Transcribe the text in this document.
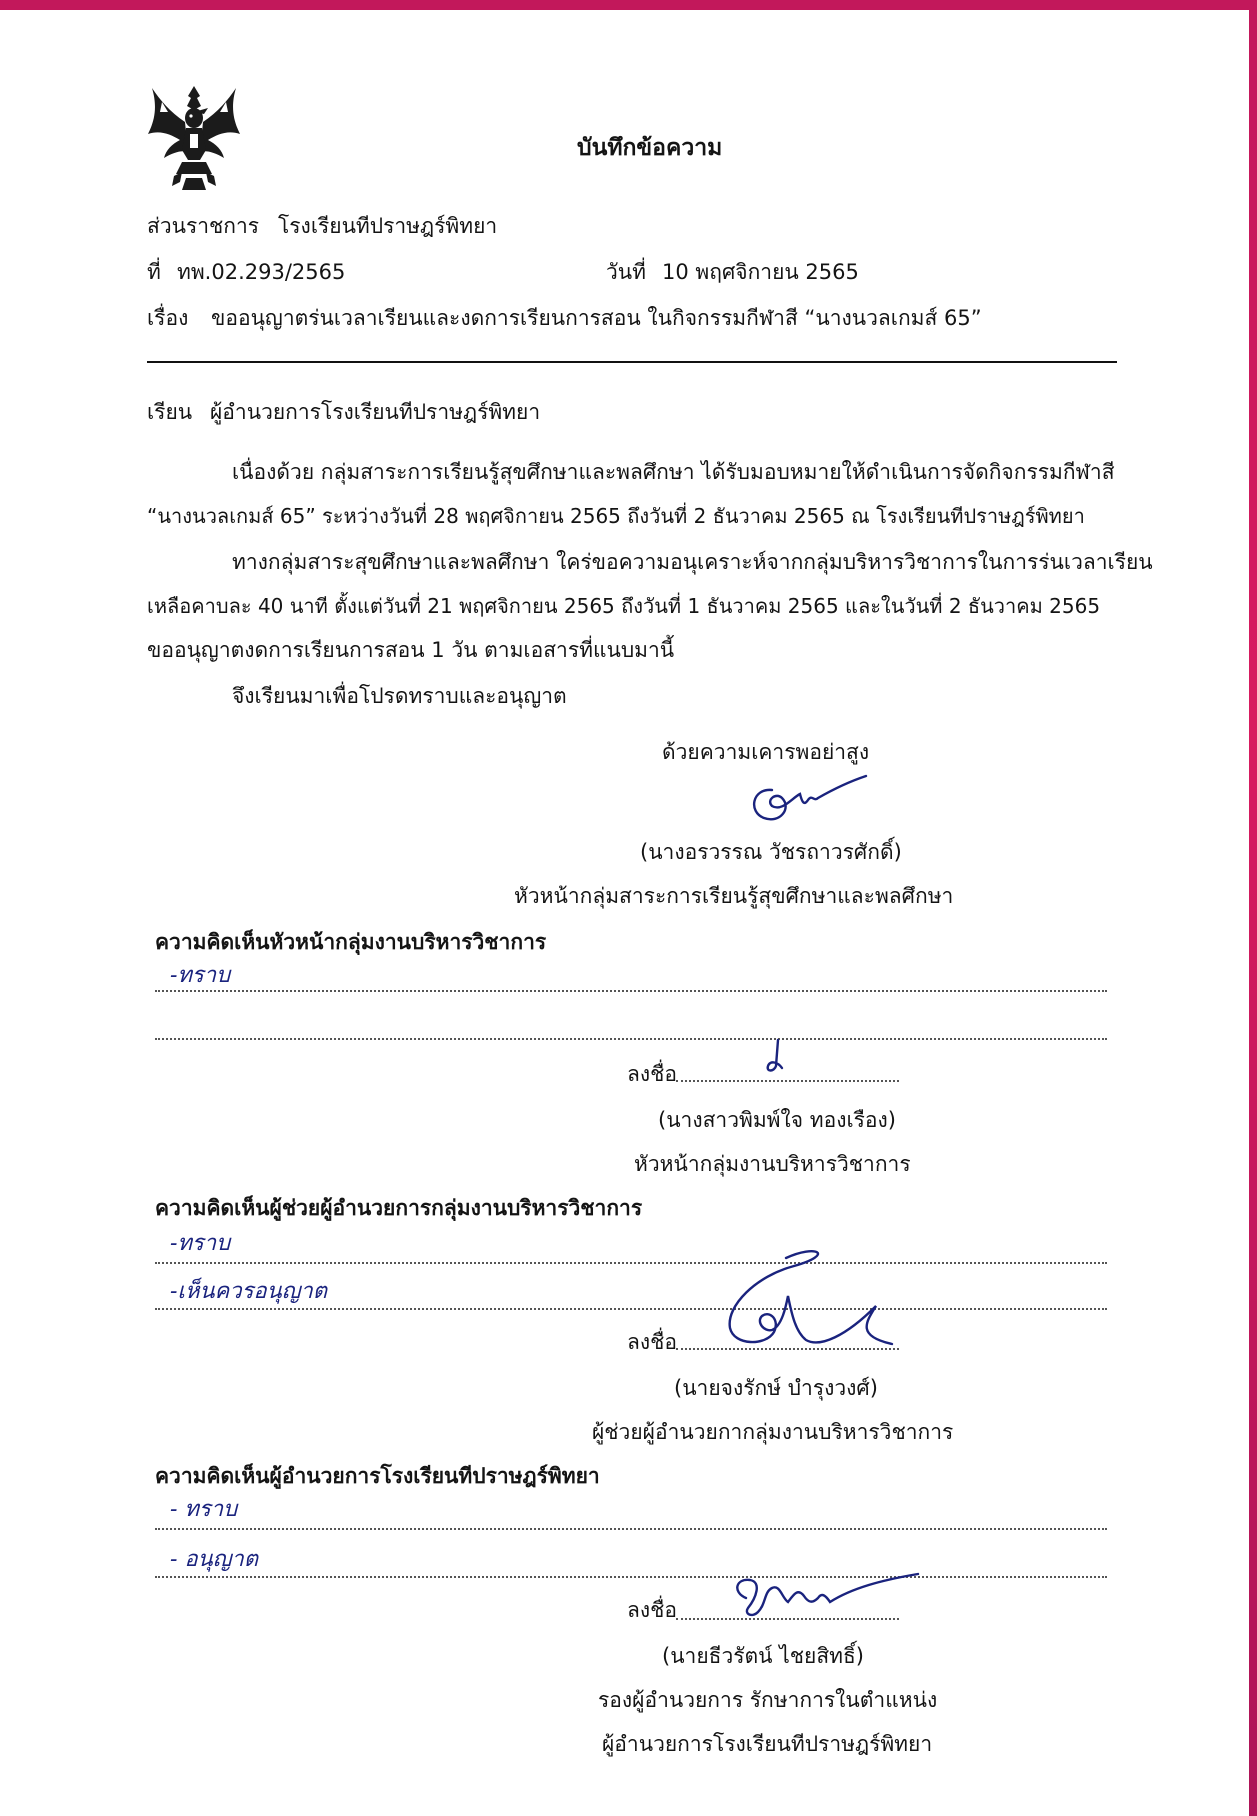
บันทึกข้อความ
ส่วนราชการ โรงเรียนทีปราษฎร์พิทยา
ที่ ทพ.02.293/2565	วันที่ 10 พฤศจิกายน 2565
เรื่อง ขออนุญาตร่นเวลาเรียนและงดการเรียนการสอน ในกิจกรรมกีฬาสี “นางนวลเกมส์ 65”
เรียน ผู้อำนวยการโรงเรียนทีปราษฎร์พิทยา
เนื่องด้วย กลุ่มสาระการเรียนรู้สุขศึกษาและพลศึกษา ได้รับมอบหมายให้ดำเนินการจัดกิจกรรมกีฬาสี
“นางนวลเกมส์ 65” ระหว่างวันที่ 28 พฤศจิกายน 2565 ถึงวันที่ 2 ธันวาคม 2565 ณ โรงเรียนทีปราษฎร์พิทยา
ทางกลุ่มสาระสุขศึกษาและพลศึกษา ใคร่ขอความอนุเคราะห์จากกลุ่มบริหารวิชาการในการร่นเวลาเรียน
เหลือคาบละ 40 นาที ตั้งแต่วันที่ 21 พฤศจิกายน 2565 ถึงวันที่ 1 ธันวาคม 2565 และในวันที่ 2 ธันวาคม 2565
ขออนุญาตงดการเรียนการสอน 1 วัน ตามเอสารที่แนบมานี้
จึงเรียนมาเพื่อโปรดทราบและอนุญาต
ด้วยความเคารพอย่าสูง
(นางอรวรรณ วัชรถาวรศักดิ์)
หัวหน้ากลุ่มสาระการเรียนรู้สุขศึกษาและพลศึกษา
ความคิดเห็นหัวหน้ากลุ่มงานบริหารวิชาการ
-ทราบ
ลงชื่อ
(นางสาวพิมพ์ใจ ทองเรือง)
หัวหน้ากลุ่มงานบริหารวิชาการ
ความคิดเห็นผู้ช่วยผู้อำนวยการกลุ่มงานบริหารวิชาการ
-ทราบ
-เห็นควรอนุญาต
ลงชื่อ
(นายจงรักษ์ บำรุงวงศ์)
ผู้ช่วยผู้อำนวยกากลุ่มงานบริหารวิชาการ
ความคิดเห็นผู้อำนวยการโรงเรียนทีปราษฎร์พิทยา
- ทราบ
- อนุญาต
ลงชื่อ
(นายธีวรัตน์ ไชยสิทธิ์)
รองผู้อำนวยการ รักษาการในตำแหน่ง
ผู้อำนวยการโรงเรียนทีปราษฎร์พิทยา
